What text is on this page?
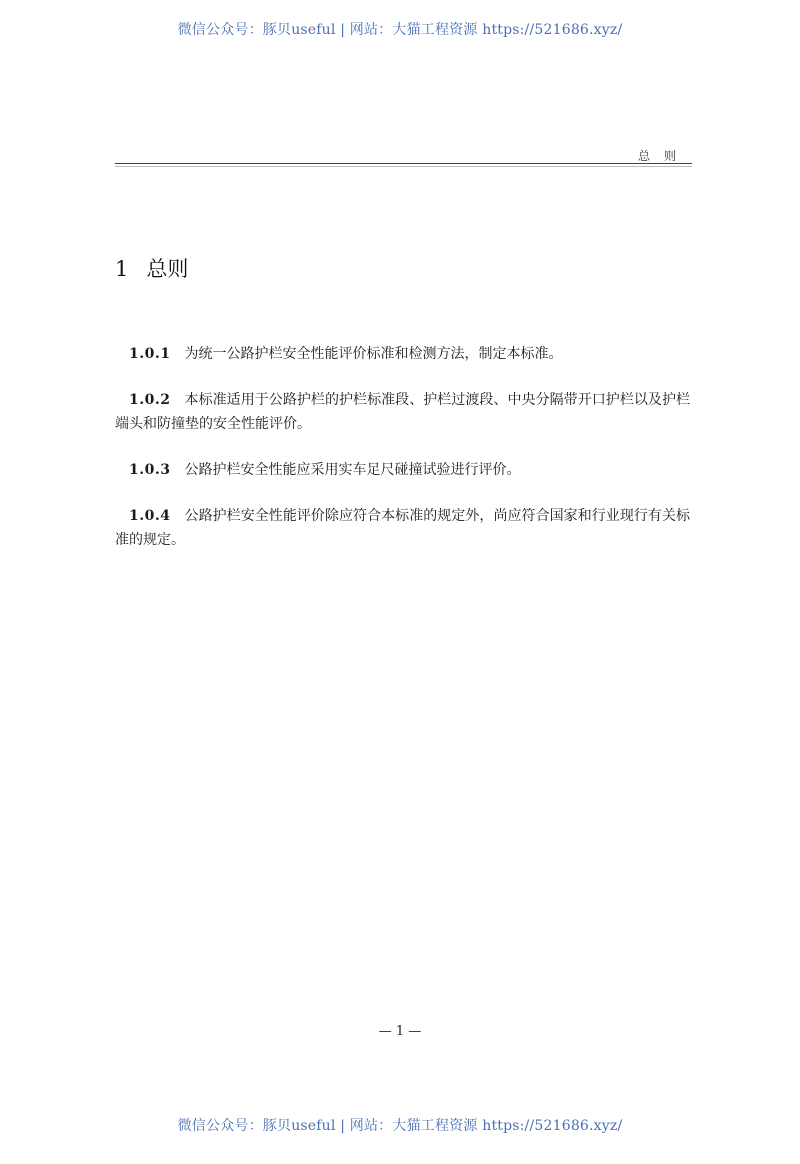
微信公众号：豚贝useful | 网站：大猫工程资源 https://521686.xyz/
总则
1 总则

1.0.1 为统一公路护栏安全性能评价标准和检测方法，制定本标准。

1.0.2 本标准适用于公路护栏的护栏标准段、护栏过渡段、中央分隔带开口护栏以及护栏端头和防撞垫的安全性能评价。

1.0.3 公路护栏安全性能应采用实车足尺碰撞试验进行评价。

1.0.4 公路护栏安全性能评价除应符合本标准的规定外，尚应符合国家和行业现行有关标准的规定。

— 1 —
微信公众号：豚贝useful | 网站：大猫工程资源 https://521686.xyz/
